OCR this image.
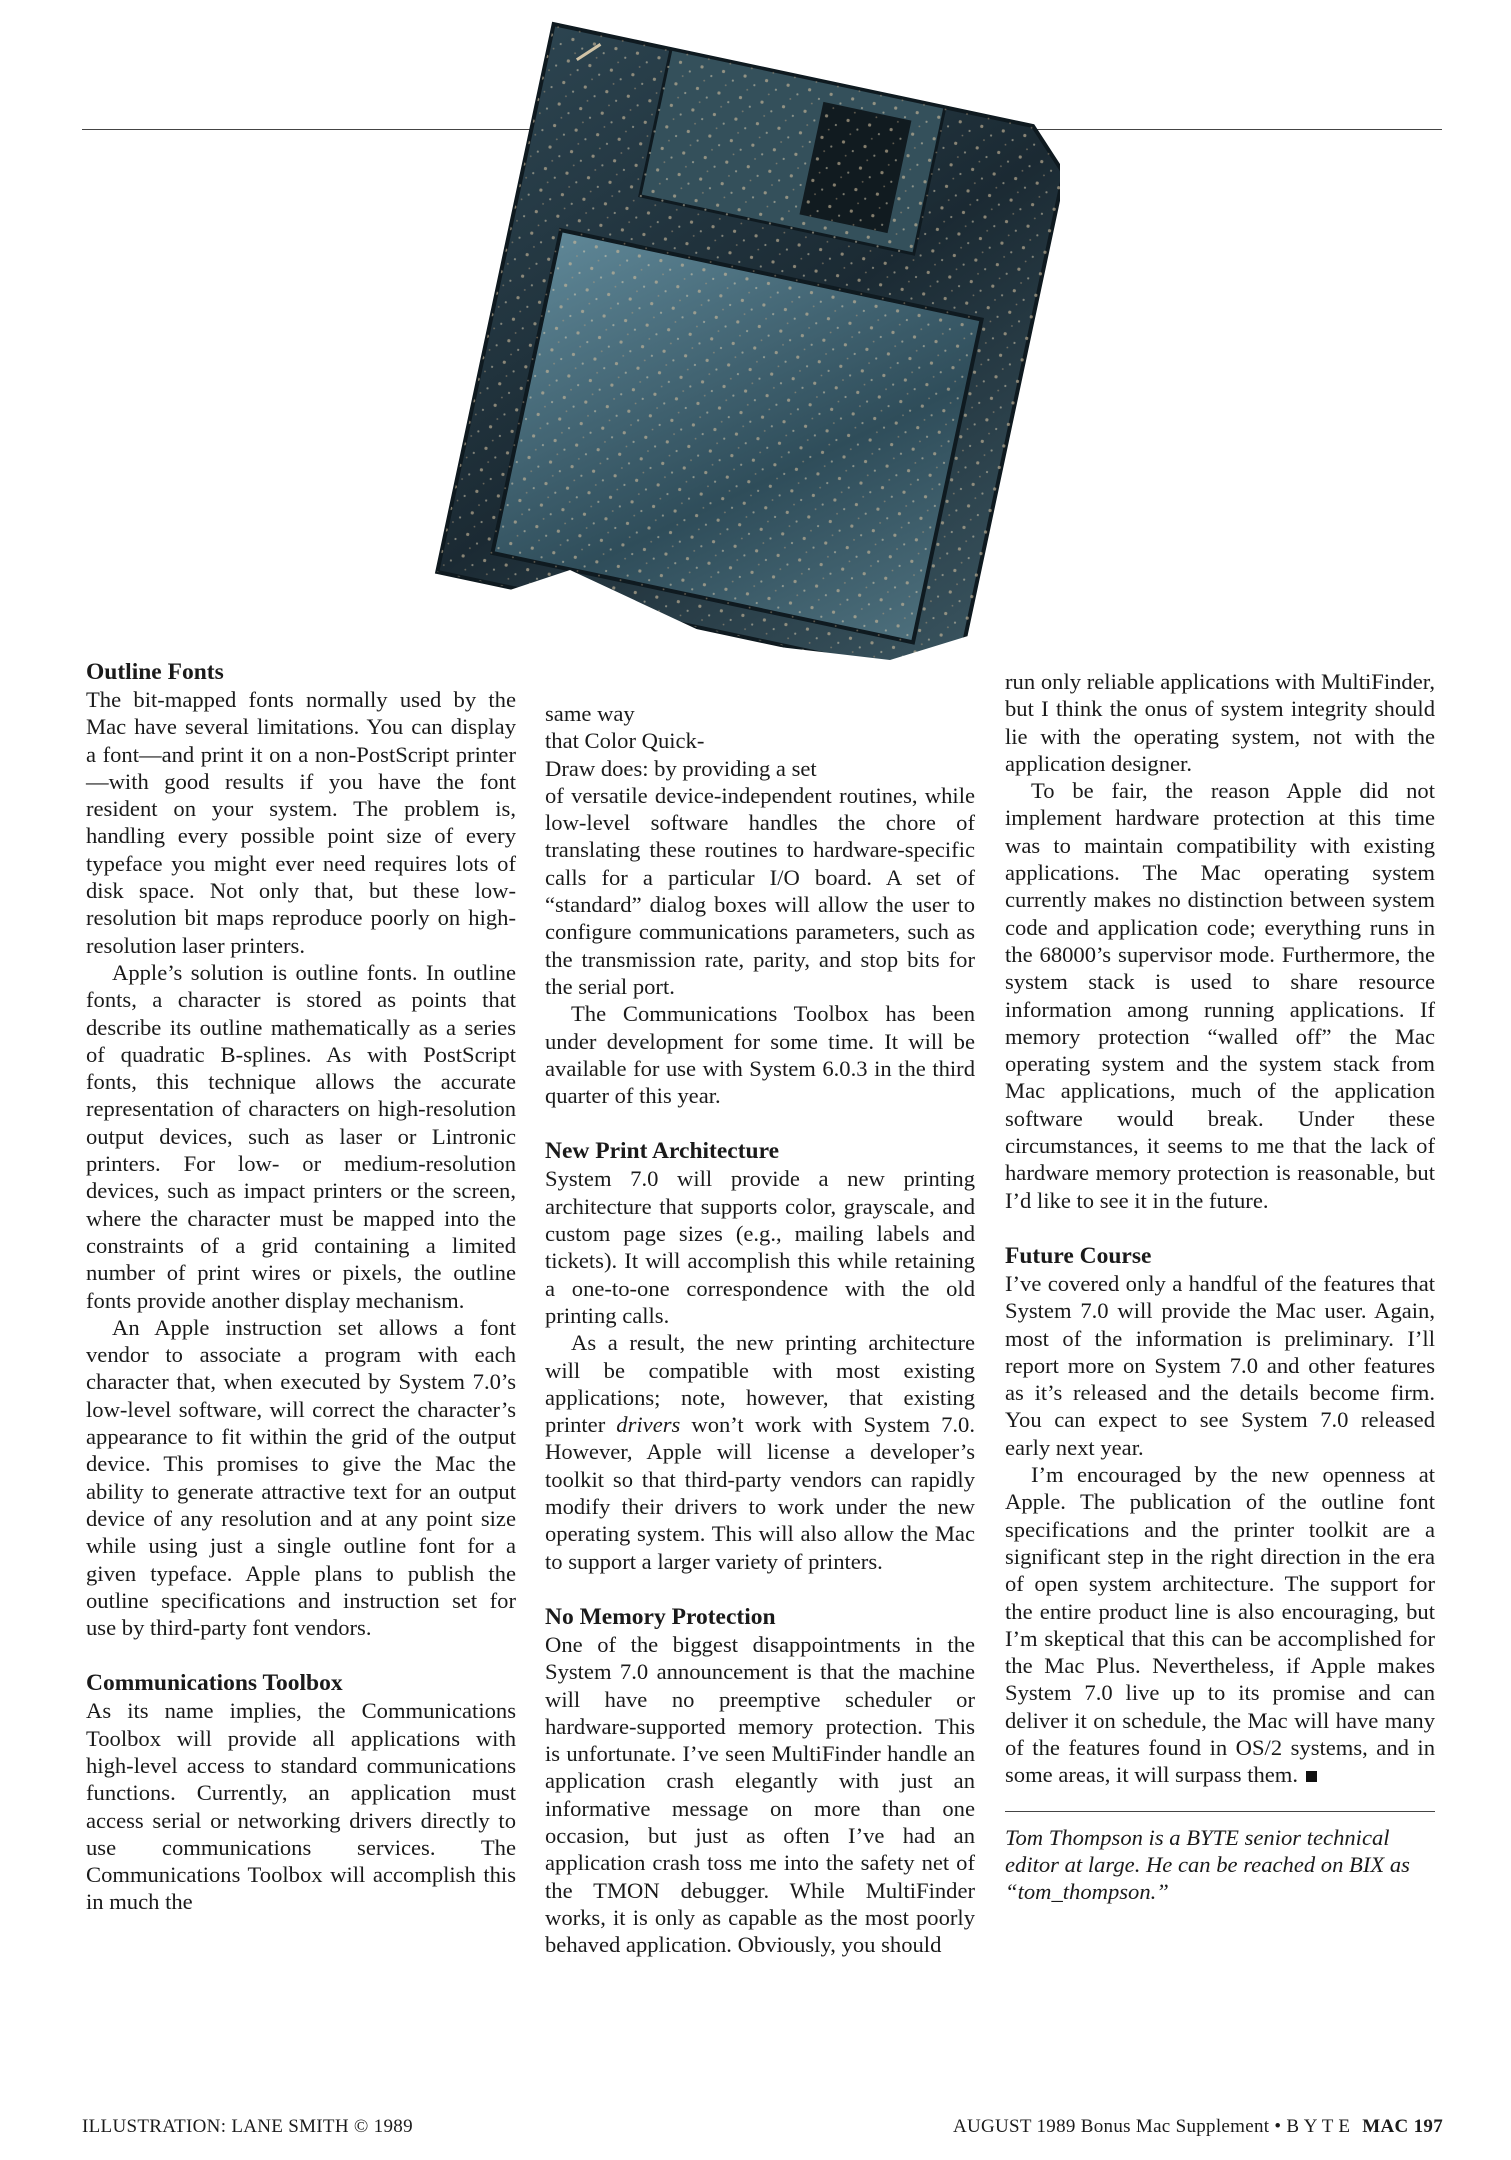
Outline Fonts

The bit-mapped fonts normally used by the Mac have several limitations. You can display a font—and print it on a non-PostScript printer—with good results if you have the font resident on your system. The problem is, handling every possible point size of every typeface you might ever need requires lots of disk space. Not only that, but these low-resolution bit maps reproduce poorly on high-resolution laser printers.

Apple’s solution is outline fonts. In outline fonts, a character is stored as points that describe its outline mathematically as a series of quadratic B-splines. As with PostScript fonts, this technique allows the accurate representation of characters on high-resolution output devices, such as laser or Lintronic printers. For low- or medium-resolution devices, such as impact printers or the screen, where the character must be mapped into the constraints of a grid containing a limited number of print wires or pixels, the outline fonts provide another display mechanism.

An Apple instruction set allows a font vendor to associate a program with each character that, when executed by System 7.0’s low-level software, will correct the character’s appearance to fit within the grid of the output device. This promises to give the Mac the ability to generate attractive text for an output device of any resolution and at any point size while using just a single outline font for a given typeface. Apple plans to publish the outline specifications and instruction set for use by third-party font vendors.

Communications Toolbox

As its name implies, the Communications Toolbox will provide all applications with high-level access to standard communications functions. Currently, an application must access serial or networking drivers directly to use communications services. The Communications Toolbox will accomplish this in much the

same way

that Color Quick-

Draw does: by providing a set

of versatile device-independent routines, while low-level software handles the chore of translating these routines to hardware-specific calls for a particular I/O board. A set of “standard” dialog boxes will allow the user to configure communications parameters, such as the transmission rate, parity, and stop bits for the serial port.

The Communications Toolbox has been under development for some time. It will be available for use with System 6.0.3 in the third quarter of this year.

New Print Architecture

System 7.0 will provide a new printing architecture that supports color, grayscale, and custom page sizes (e.g., mailing labels and tickets). It will accomplish this while retaining a one-to-one correspondence with the old printing calls.

As a result, the new printing architecture will be compatible with most existing applications; note, however, that existing printer drivers won’t work with System 7.0. However, Apple will license a developer’s toolkit so that third-party vendors can rapidly modify their drivers to work under the new operating system. This will also allow the Mac to support a larger variety of printers.

No Memory Protection

One of the biggest disappointments in the System 7.0 announcement is that the machine will have no preemptive scheduler or hardware-supported memory protection. This is unfortunate. I’ve seen MultiFinder handle an application crash elegantly with just an informative message on more than one occasion, but just as often I’ve had an application crash toss me into the safety net of the TMON debugger. While MultiFinder works, it is only as capable as the most poorly behaved application. Obviously, you should

run only reliable applications with MultiFinder, but I think the onus of system integrity should lie with the operating system, not with the application designer.

To be fair, the reason Apple did not implement hardware protection at this time was to maintain compatibility with existing applications. The Mac operating system currently makes no distinction between system code and application code; everything runs in the 68000’s supervisor mode. Furthermore, the system stack is used to share resource information among running applications. If memory protection “walled off” the Mac operating system and the system stack from Mac applications, much of the application software would break. Under these circumstances, it seems to me that the lack of hardware memory protection is reasonable, but I’d like to see it in the future.

Future Course

I’ve covered only a handful of the features that System 7.0 will provide the Mac user. Again, most of the information is preliminary. I’ll report more on System 7.0 and other features as it’s released and the details become firm. You can expect to see System 7.0 released early next year.

I’m encouraged by the new openness at Apple. The publication of the outline font specifications and the printer toolkit are a significant step in the right direction in the era of open system architecture. The support for the entire product line is also encouraging, but I’m skeptical that this can be accomplished for the Mac Plus. Nevertheless, if Apple makes System 7.0 live up to its promise and can deliver it on schedule, the Mac will have many of the features found in OS/2 systems, and in some areas, it will surpass them.

Tom Thompson is a BYTE senior technical editor at large. He can be reached on BIX as “tom_thompson.”

ILLUSTRATION: LANE SMITH © 1989	AUGUST 1989 Bonus Mac Supplement • B Y T E MAC 197
